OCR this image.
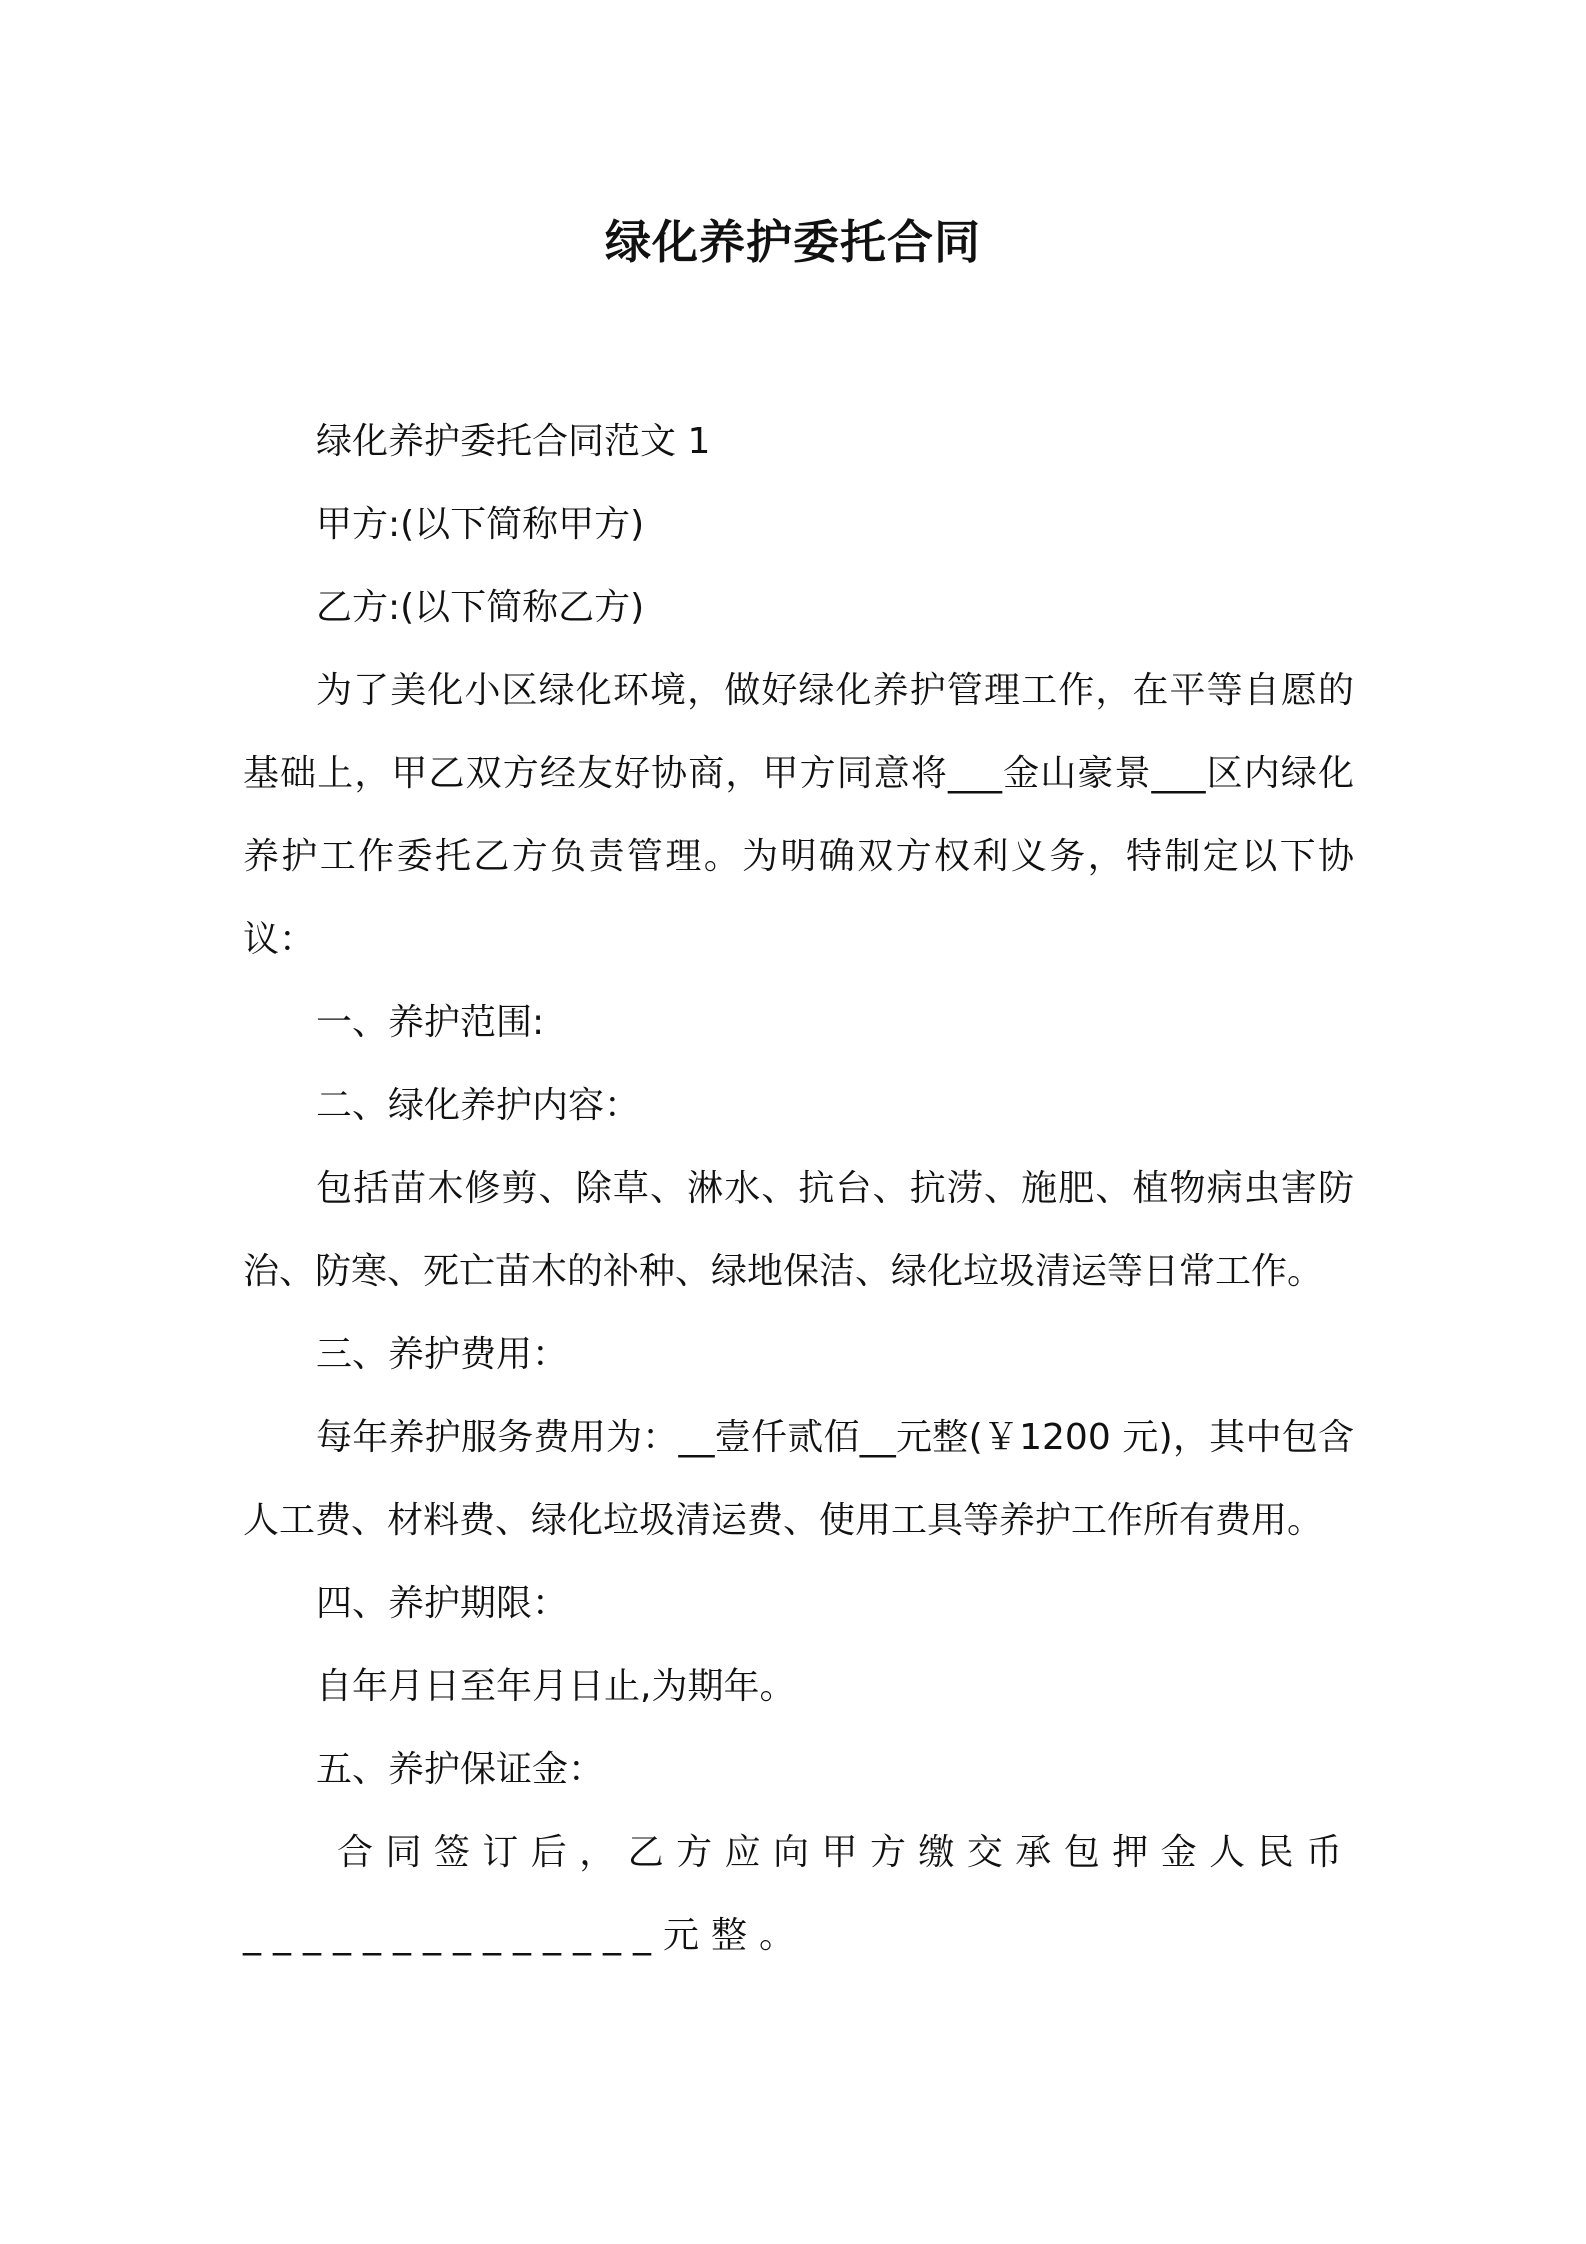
绿化养护委托合同

绿化养护委托合同范文 1

甲方:(以下简称甲方)

乙方:(以下简称乙方)

为了美化小区绿化环境，做好绿化养护管理工作，在平等自愿的基础上，甲乙双方经友好协商，甲方同意将___金山豪景___区内绿化养护工作委托乙方负责管理。为明确双方权利义务，特制定以下协议：

一、养护范围:

二、绿化养护内容：

包括苗木修剪、除草、淋水、抗台、抗涝、施肥、植物病虫害防治、防寒、死亡苗木的补种、绿地保洁、绿化垃圾清运等日常工作。

三、养护费用：

每年养护服务费用为：__壹仟贰佰__元整(￥1200 元)，其中包含人工费、材料费、绿化垃圾清运费、使用工具等养护工作所有费用。

四、养护期限：

自年月日至年月日止,为期年。

五、养护保证金：

合同签订后，乙方应向甲方缴交承包押金人民币______________元整。
